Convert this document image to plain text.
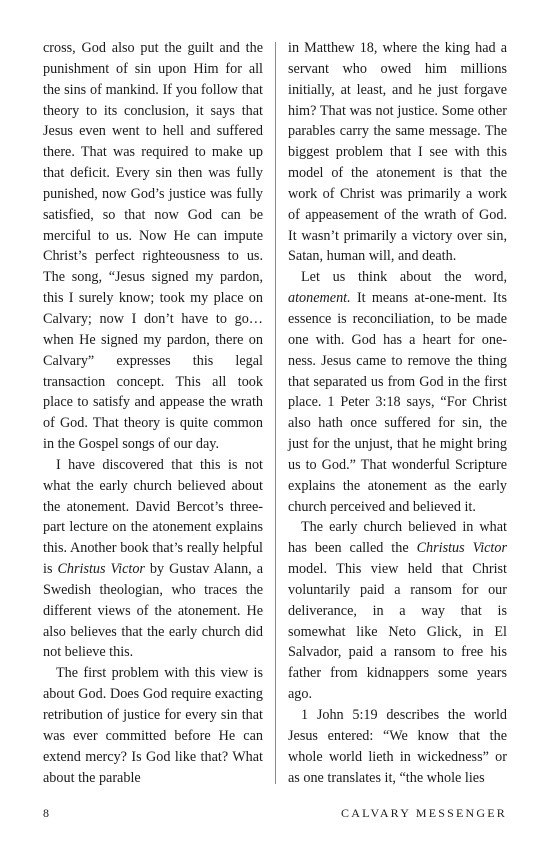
cross, God also put the guilt and the punishment of sin upon Him for all the sins of mankind. If you follow that theory to its conclusion, it says that Jesus even went to hell and suffered there. That was required to make up that deficit. Every sin then was fully punished, now God’s justice was fully satisfied, so that now God can be merciful to us. Now He can impute Christ’s perfect righteousness to us. The song, “Jesus signed my pardon, this I surely know; took my place on Calvary; now I don’t have to go…when He signed my pardon, there on Calvary” expresses this legal transaction concept. This all took place to satisfy and appease the wrath of God. That theory is quite common in the Gospel songs of our day.

I have discovered that this is not what the early church believed about the atonement. David Bercot’s three-part lecture on the atonement explains this. Another book that’s really helpful is Christus Victor by Gustav Alann, a Swedish theologian, who traces the different views of the atonement. He also believes that the early church did not believe this.

The first problem with this view is about God. Does God require exacting retribution of justice for every sin that was ever committed before He can extend mercy? Is God like that? What about the parable

in Matthew 18, where the king had a servant who owed him millions initially, at least, and he just forgave him? That was not justice. Some other parables carry the same message. The biggest problem that I see with this model of the atonement is that the work of Christ was primarily a work of appeasement of the wrath of God. It wasn’t primarily a victory over sin, Satan, human will, and death.

Let us think about the word, atonement. It means at-one-ment. Its essence is reconciliation, to be made one with. God has a heart for one-ness. Jesus came to remove the thing that separated us from God in the first place. 1 Peter 3:18 says, “For Christ also hath once suffered for sin, the just for the unjust, that he might bring us to God.” That wonderful Scripture explains the atonement as the early church perceived and believed it.

The early church believed in what has been called the Christus Victor model. This view held that Christ voluntarily paid a ransom for our deliverance, in a way that is somewhat like Neto Glick, in El Salvador, paid a ransom to free his father from kidnappers some years ago.

1 John 5:19 describes the world Jesus entered: “We know that the whole world lieth in wickedness” or as one translates it, “the whole lies

8	CALVARY MESSENGER
